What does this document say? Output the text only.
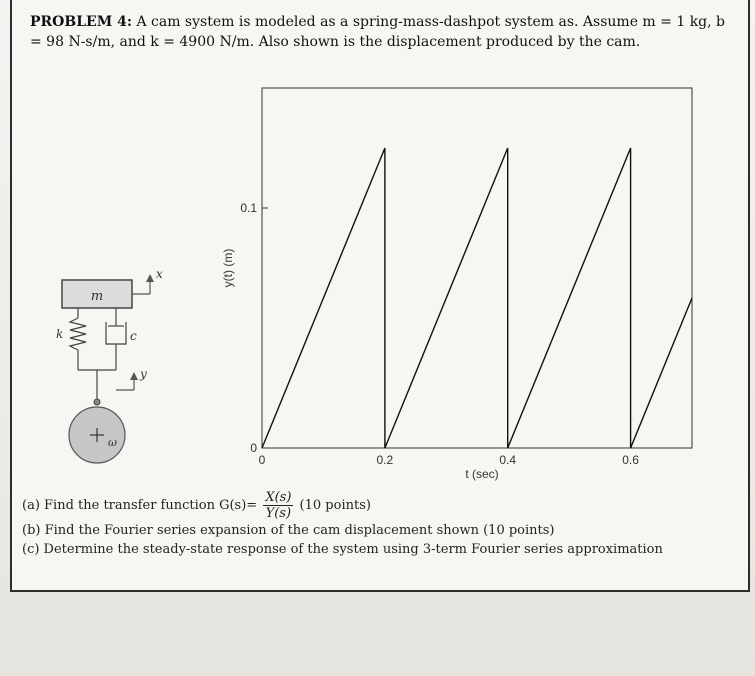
PROBLEM 4: A cam system is modeled as a spring-mass-dashpot system as. Assume m = 1 kg, b
= 98 N-s/m, and k = 4900 N/m. Also shown is the displacement produced by the cam.
m
x
k	c
y
ω
0	0.2	0.4	0.6
0
0.1
t (sec)
y(t) (m)
(a) Find the transfer function $G(s)= \frac{X(s)}{Y(s)} (10$ points)
(b) Find the Fourier series expansion of the cam displacement shown (10 points)
(c) Determine the steady-state response of the system using 3-term Fourier series approximation
